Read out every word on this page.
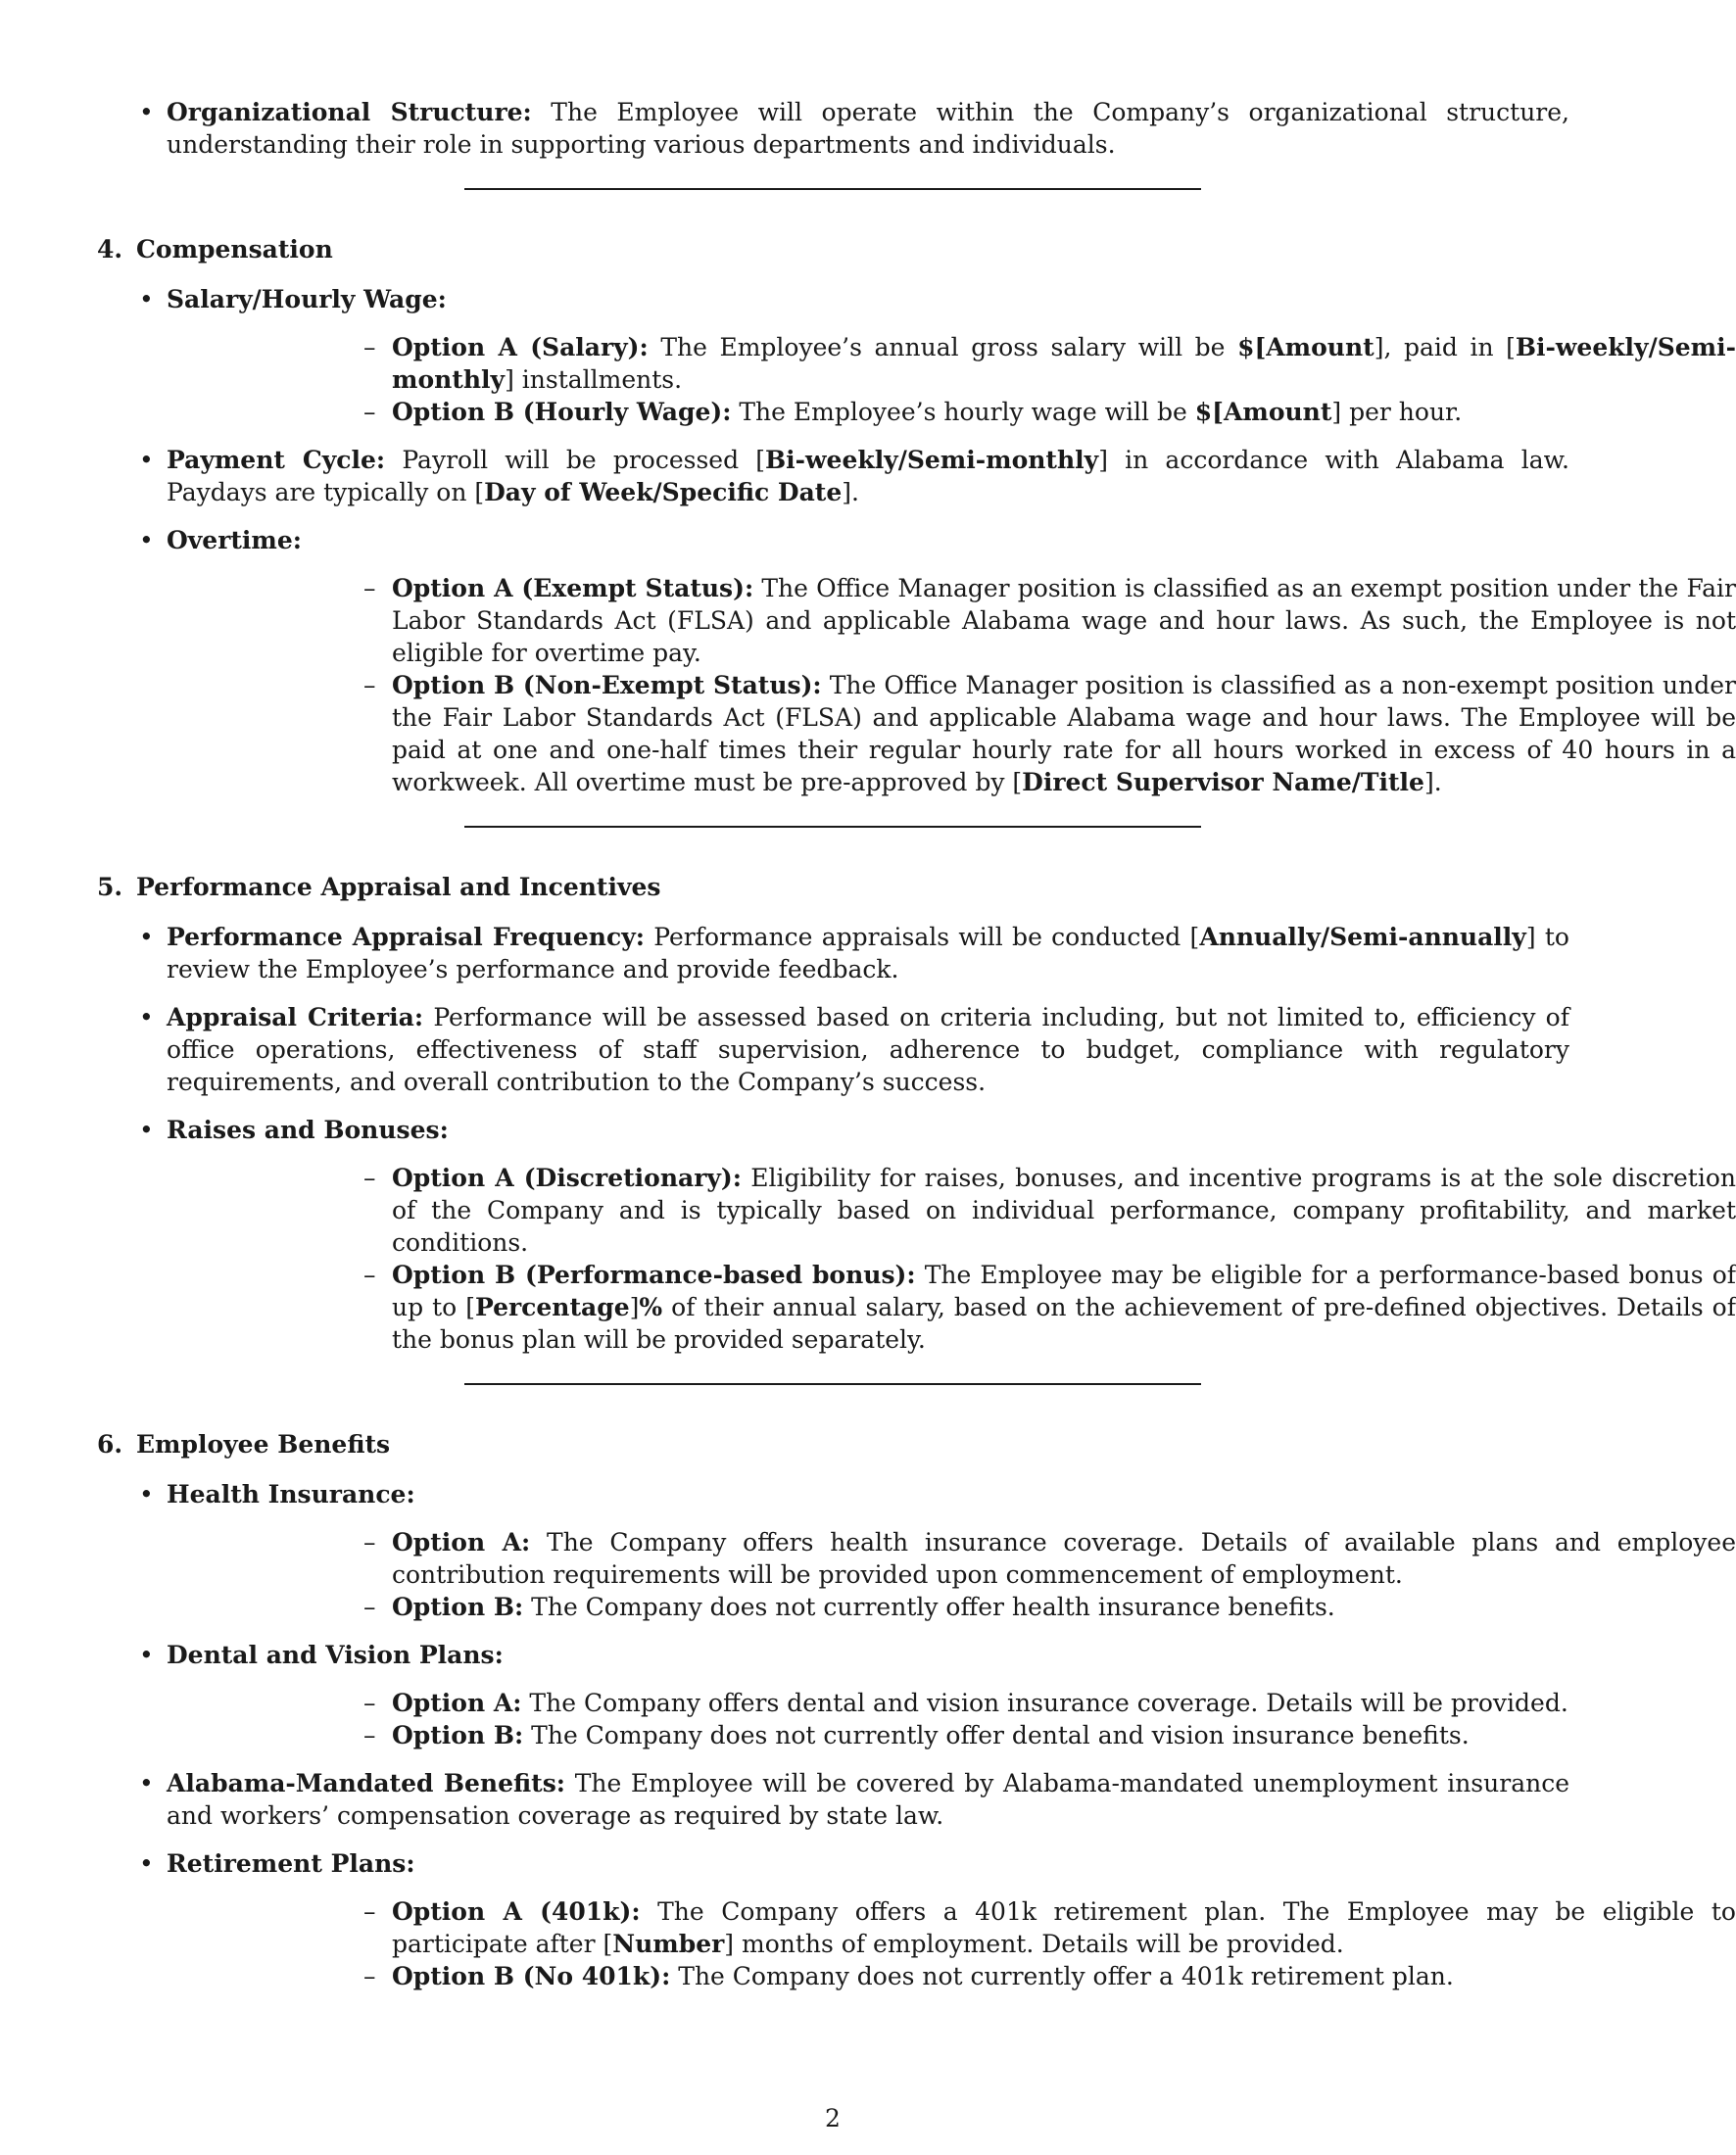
• Organizational Structure: The Employee will operate within the Company’s organizational structure, understanding their role in supporting various departments and individuals.
4. Compensation
• Salary/Hourly Wage:
– Option A (Salary): The Employee’s annual gross salary will be $[Amount], paid in [Bi-weekly/Semi-monthly] installments.
– Option B (Hourly Wage): The Employee’s hourly wage will be $[Amount] per hour.
• Payment Cycle: Payroll will be processed [Bi-weekly/Semi-monthly] in accordance with Alabama law. Paydays are typically on [Day of Week/Specific Date].
• Overtime:
– Option A (Exempt Status): The Office Manager position is classified as an exempt position under the Fair Labor Standards Act (FLSA) and applicable Alabama wage and hour laws. As such, the Employee is not eligible for overtime pay.
– Option B (Non-Exempt Status): The Office Manager position is classified as a non-exempt position under the Fair Labor Standards Act (FLSA) and applicable Alabama wage and hour laws. The Employee will be paid at one and one-half times their regular hourly rate for all hours worked in excess of 40 hours in a workweek. All overtime must be pre-approved by [Direct Supervisor Name/Title].
5. Performance Appraisal and Incentives
• Performance Appraisal Frequency: Performance appraisals will be conducted [Annually/Semi-annually] to review the Employee’s performance and provide feedback.
• Appraisal Criteria: Performance will be assessed based on criteria including, but not limited to, efficiency of office operations, effectiveness of staff supervision, adherence to budget, compliance with regulatory requirements, and overall contribution to the Company’s success.
• Raises and Bonuses:
– Option A (Discretionary): Eligibility for raises, bonuses, and incentive programs is at the sole discretion of the Company and is typically based on individual performance, company profitability, and market conditions.
– Option B (Performance-based bonus): The Employee may be eligible for a performance-based bonus of up to [Percentage]% of their annual salary, based on the achievement of pre-defined objectives. Details of the bonus plan will be provided separately.
6. Employee Benefits
• Health Insurance:
– Option A: The Company offers health insurance coverage. Details of available plans and employee contribution requirements will be provided upon commencement of employment.
– Option B: The Company does not currently offer health insurance benefits.
• Dental and Vision Plans:
– Option A: The Company offers dental and vision insurance coverage. Details will be provided.
– Option B: The Company does not currently offer dental and vision insurance benefits.
• Alabama-Mandated Benefits: The Employee will be covered by Alabama-mandated unemployment insurance and workers’ compensation coverage as required by state law.
• Retirement Plans:
– Option A (401k): The Company offers a 401k retirement plan. The Employee may be eligible to participate after [Number] months of employment. Details will be provided.
– Option B (No 401k): The Company does not currently offer a 401k retirement plan.
2
